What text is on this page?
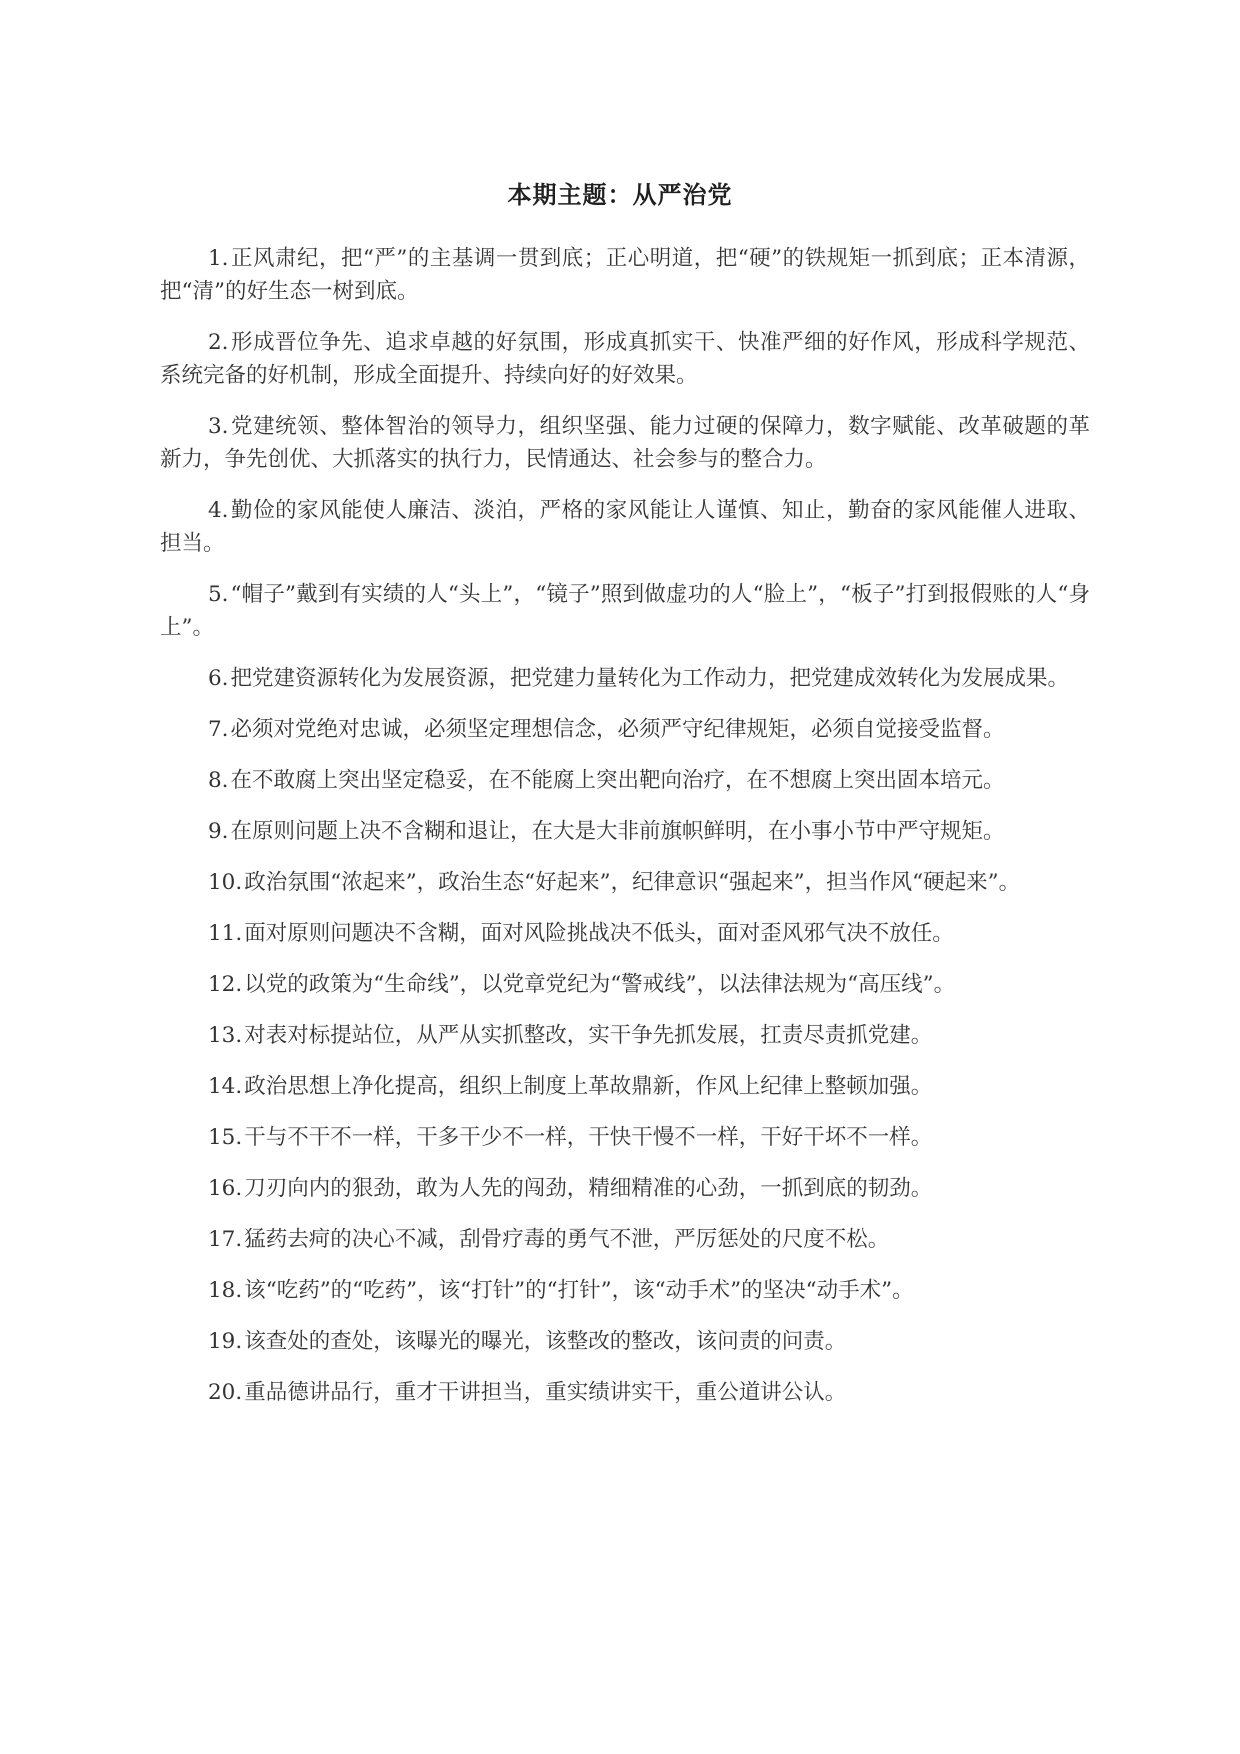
本期主题：从严治党
1.正风肃纪，把“严”的主基调一贯到底；正心明道，把“硬”的铁规矩一抓到底；正本清源，把“清”的好生态一树到底。
2.形成晋位争先、追求卓越的好氛围，形成真抓实干、快准严细的好作风，形成科学规范、系统完备的好机制，形成全面提升、持续向好的好效果。
3.党建统领、整体智治的领导力，组织坚强、能力过硬的保障力，数字赋能、改革破题的革新力，争先创优、大抓落实的执行力，民情通达、社会参与的整合力。
4.勤俭的家风能使人廉洁、淡泊，严格的家风能让人谨慎、知止，勤奋的家风能催人进取、担当。
5.“帽子”戴到有实绩的人“头上”，“镜子”照到做虚功的人“脸上”，“板子”打到报假账的人“身上”。
6.把党建资源转化为发展资源，把党建力量转化为工作动力，把党建成效转化为发展成果。
7.必须对党绝对忠诚，必须坚定理想信念，必须严守纪律规矩，必须自觉接受监督。
8.在不敢腐上突出坚定稳妥，在不能腐上突出靶向治疗，在不想腐上突出固本培元。
9.在原则问题上决不含糊和退让，在大是大非前旗帜鲜明，在小事小节中严守规矩。
10.政治氛围“浓起来”，政治生态“好起来”，纪律意识“强起来”，担当作风“硬起来”。
11.面对原则问题决不含糊，面对风险挑战决不低头，面对歪风邪气决不放任。
12.以党的政策为“生命线”，以党章党纪为“警戒线”，以法律法规为“高压线”。
13.对表对标提站位，从严从实抓整改，实干争先抓发展，扛责尽责抓党建。
14.政治思想上净化提高，组织上制度上革故鼎新，作风上纪律上整顿加强。
15.干与不干不一样，干多干少不一样，干快干慢不一样，干好干坏不一样。
16.刀刃向内的狠劲，敢为人先的闯劲，精细精准的心劲，一抓到底的韧劲。
17.猛药去疴的决心不减，刮骨疗毒的勇气不泄，严厉惩处的尺度不松。
18.该“吃药”的“吃药”，该“打针”的“打针”，该“动手术”的坚决“动手术”。
19.该查处的查处，该曝光的曝光，该整改的整改，该问责的问责。
20.重品德讲品行，重才干讲担当，重实绩讲实干，重公道讲公认。
